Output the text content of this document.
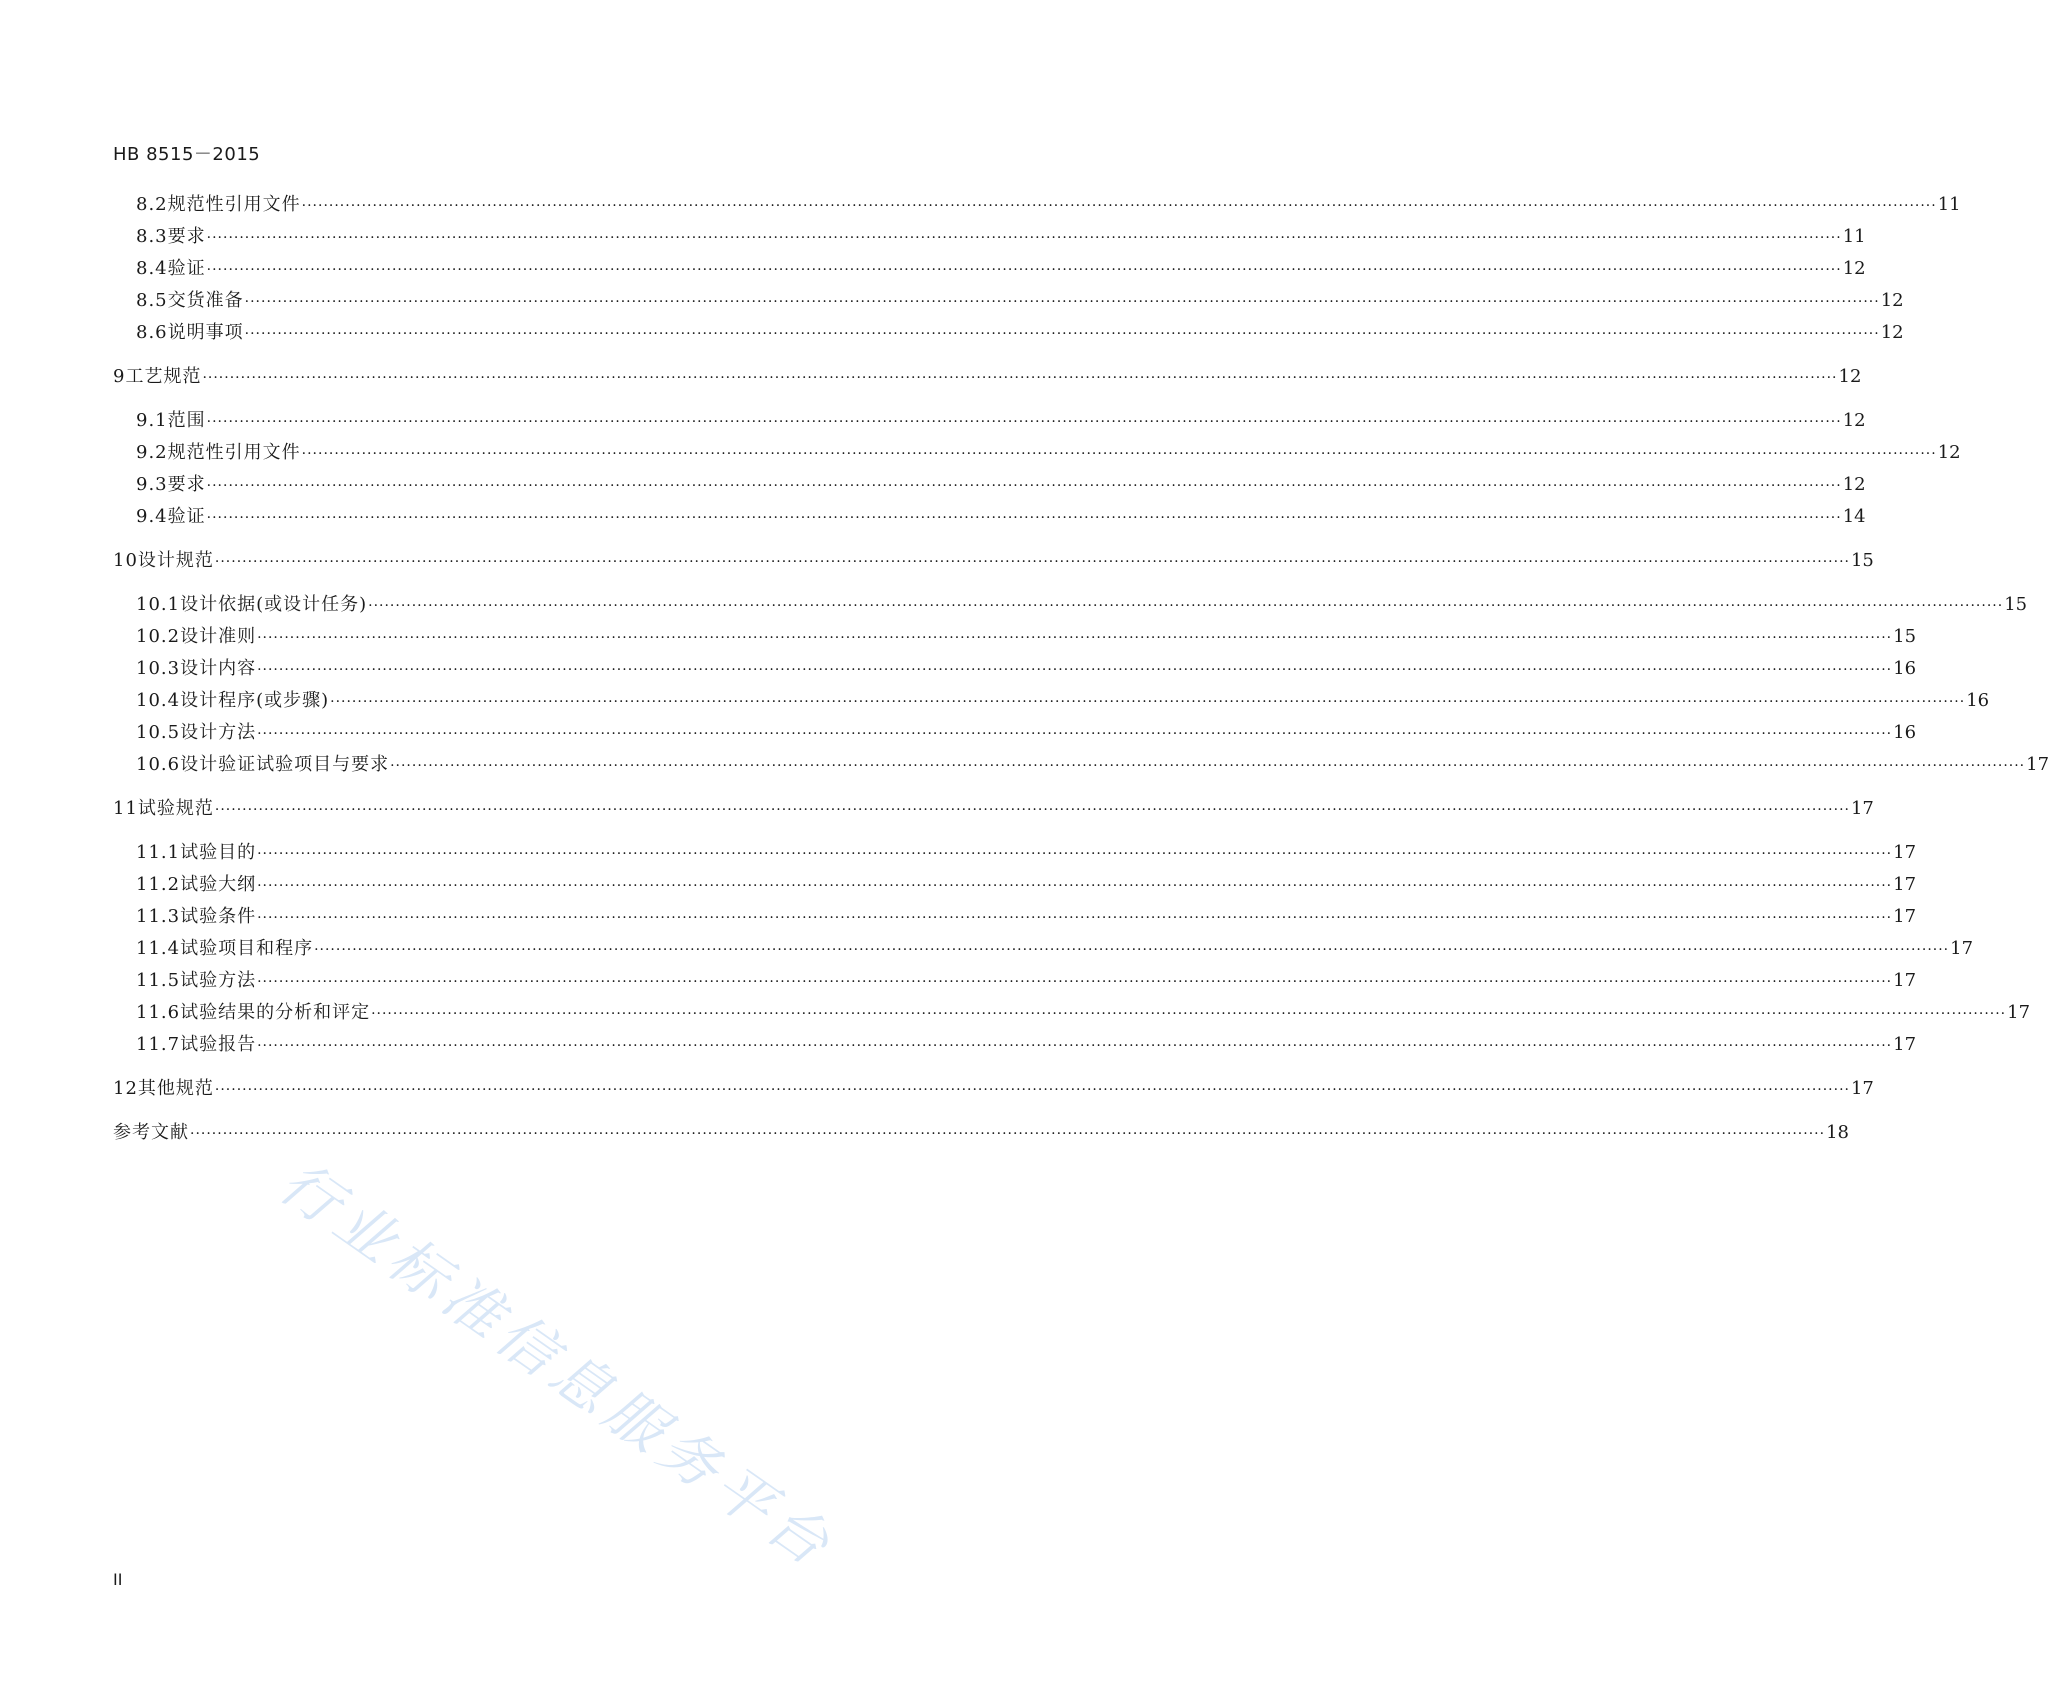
HB 8515－2015
8.2 规范性引用文件 ············································································································································································································································································································ 11
8.3 要求 ············································································································································································································································································································ 11
8.4 验证 ············································································································································································································································································································ 12
8.5 交货准备 ············································································································································································································································································································ 12
8.6 说明事项 ············································································································································································································································································································ 12
9 工艺规范 ············································································································································································································································································································ 12
9.1 范围 ············································································································································································································································································································ 12
9.2 规范性引用文件 ············································································································································································································································································································ 12
9.3 要求 ············································································································································································································································································································ 12
9.4 验证 ············································································································································································································································································································ 14
10 设计规范 ············································································································································································································································································································ 15
10.1 设计依据(或设计任务) ············································································································································································································································································································ 15
10.2 设计准则 ············································································································································································································································································································ 15
10.3 设计内容 ············································································································································································································································································································ 16
10.4 设计程序(或步骤) ············································································································································································································································································································ 16
10.5 设计方法 ············································································································································································································································································································ 16
10.6 设计验证试验项目与要求 ············································································································································································································································································································ 17
11 试验规范 ············································································································································································································································································································ 17
11.1 试验目的 ············································································································································································································································································································ 17
11.2 试验大纲 ············································································································································································································································································································ 17
11.3 试验条件 ············································································································································································································································································································ 17
11.4 试验项目和程序 ············································································································································································································································································································ 17
11.5 试验方法 ············································································································································································································································································································ 17
11.6 试验结果的分析和评定 ············································································································································································································································································································ 17
11.7 试验报告 ············································································································································································································································································································ 17
12 其他规范 ············································································································································································································································································································ 17
参考文献 ············································································································································································································································································································ 18
行业标准信息服务平台
II
